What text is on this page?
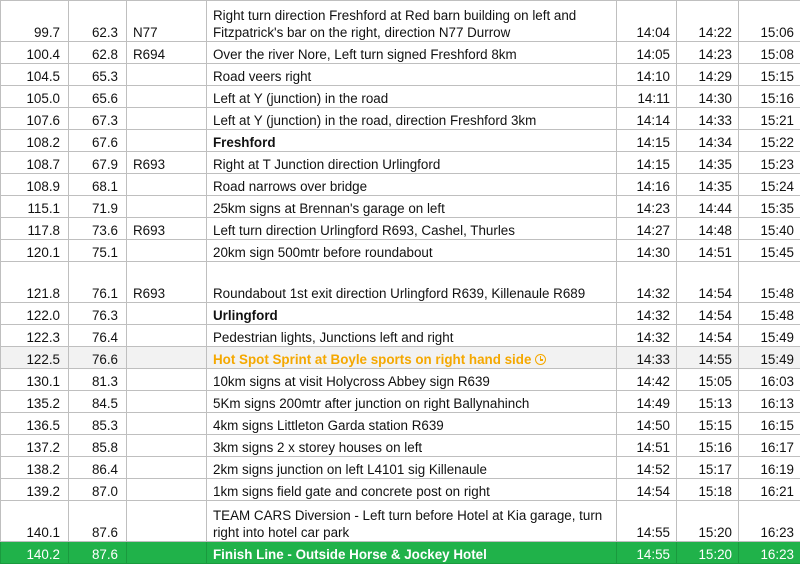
99.7	62.3	N77	Right turn direction Freshford at Red barn building on left and Fitzpatrick's bar on the right, direction N77 Durrow	14:04	14:22	15:06
100.4	62.8	R694	Over the river Nore, Left turn signed Freshford 8km	14:05	14:23	15:08
104.5	65.3		Road veers right	14:10	14:29	15:15
105.0	65.6		Left at Y (junction) in the road	14:11	14:30	15:16
107.6	67.3		Left at Y (junction) in the road, direction Freshford 3km	14:14	14:33	15:21
108.2	67.6		Freshford	14:15	14:34	15:22
108.7	67.9	R693	Right at T Junction direction Urlingford	14:15	14:35	15:23
108.9	68.1		Road narrows over bridge	14:16	14:35	15:24
115.1	71.9		25km signs at Brennan's garage on left	14:23	14:44	15:35
117.8	73.6	R693	Left turn direction Urlingford R693, Cashel, Thurles	14:27	14:48	15:40
120.1	75.1		20km sign 500mtr before roundabout	14:30	14:51	15:45
121.8	76.1	R693	Roundabout 1st exit direction Urlingford R639, Killenaule R689	14:32	14:54	15:48
122.0	76.3		Urlingford	14:32	14:54	15:48
122.3	76.4		Pedestrian lights, Junctions left and right	14:32	14:54	15:49
122.5	76.6		Hot Spot Sprint at Boyle sports on right hand side	14:33	14:55	15:49
130.1	81.3		10km signs at visit Holycross Abbey sign R639	14:42	15:05	16:03
135.2	84.5		5Km signs 200mtr after junction on right Ballynahinch	14:49	15:13	16:13
136.5	85.3		4km signs Littleton Garda station R639	14:50	15:15	16:15
137.2	85.8		3km signs 2 x storey houses on left	14:51	15:16	16:17
138.2	86.4		2km signs junction on left L4101 sig Killenaule	14:52	15:17	16:19
139.2	87.0		1km signs field gate and concrete post on right	14:54	15:18	16:21
140.1	87.6		TEAM CARS Diversion - Left turn before Hotel at Kia garage, turn right into hotel car park	14:55	15:20	16:23
140.2	87.6		Finish Line - Outside Horse & Jockey Hotel	14:55	15:20	16:23
